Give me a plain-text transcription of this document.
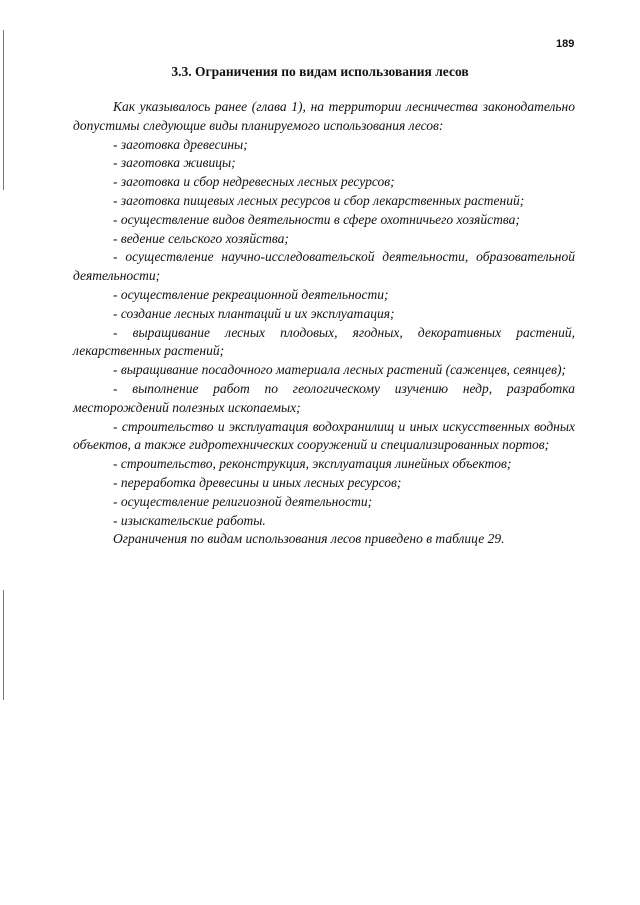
189
3.3. Ограничения по видам использования лесов

Как указывалось ранее (глава 1), на территории лесничества законодательно допустимы следующие виды планируемого использования лесов:

- заготовка древесины;
- заготовка живицы;
- заготовка и сбор недревесных лесных ресурсов;
- заготовка пищевых лесных ресурсов и сбор лекарственных растений;
- осуществление видов деятельности в сфере охотничьего хозяйства;
- ведение сельского хозяйства;
- осуществление научно-исследовательской деятельности, образовательной деятельности;
- осуществление рекреационной деятельности;
- создание лесных плантаций и их эксплуатация;
- выращивание лесных плодовых, ягодных, декоративных растений, лекарственных растений;
- выращивание посадочного материала лесных растений (саженцев, сеянцев);
- выполнение работ по геологическому изучению недр, разработка месторождений полезных ископаемых;
- строительство и эксплуатация водохранилищ и иных искусственных водных объектов, а также гидротехнических сооружений и специализированных портов;
- строительство, реконструкция, эксплуатация линейных объектов;
- переработка древесины и иных лесных ресурсов;
- осуществление религиозной деятельности;
- изыскательские работы.

Ограничения по видам использования лесов приведено в таблице 29.
